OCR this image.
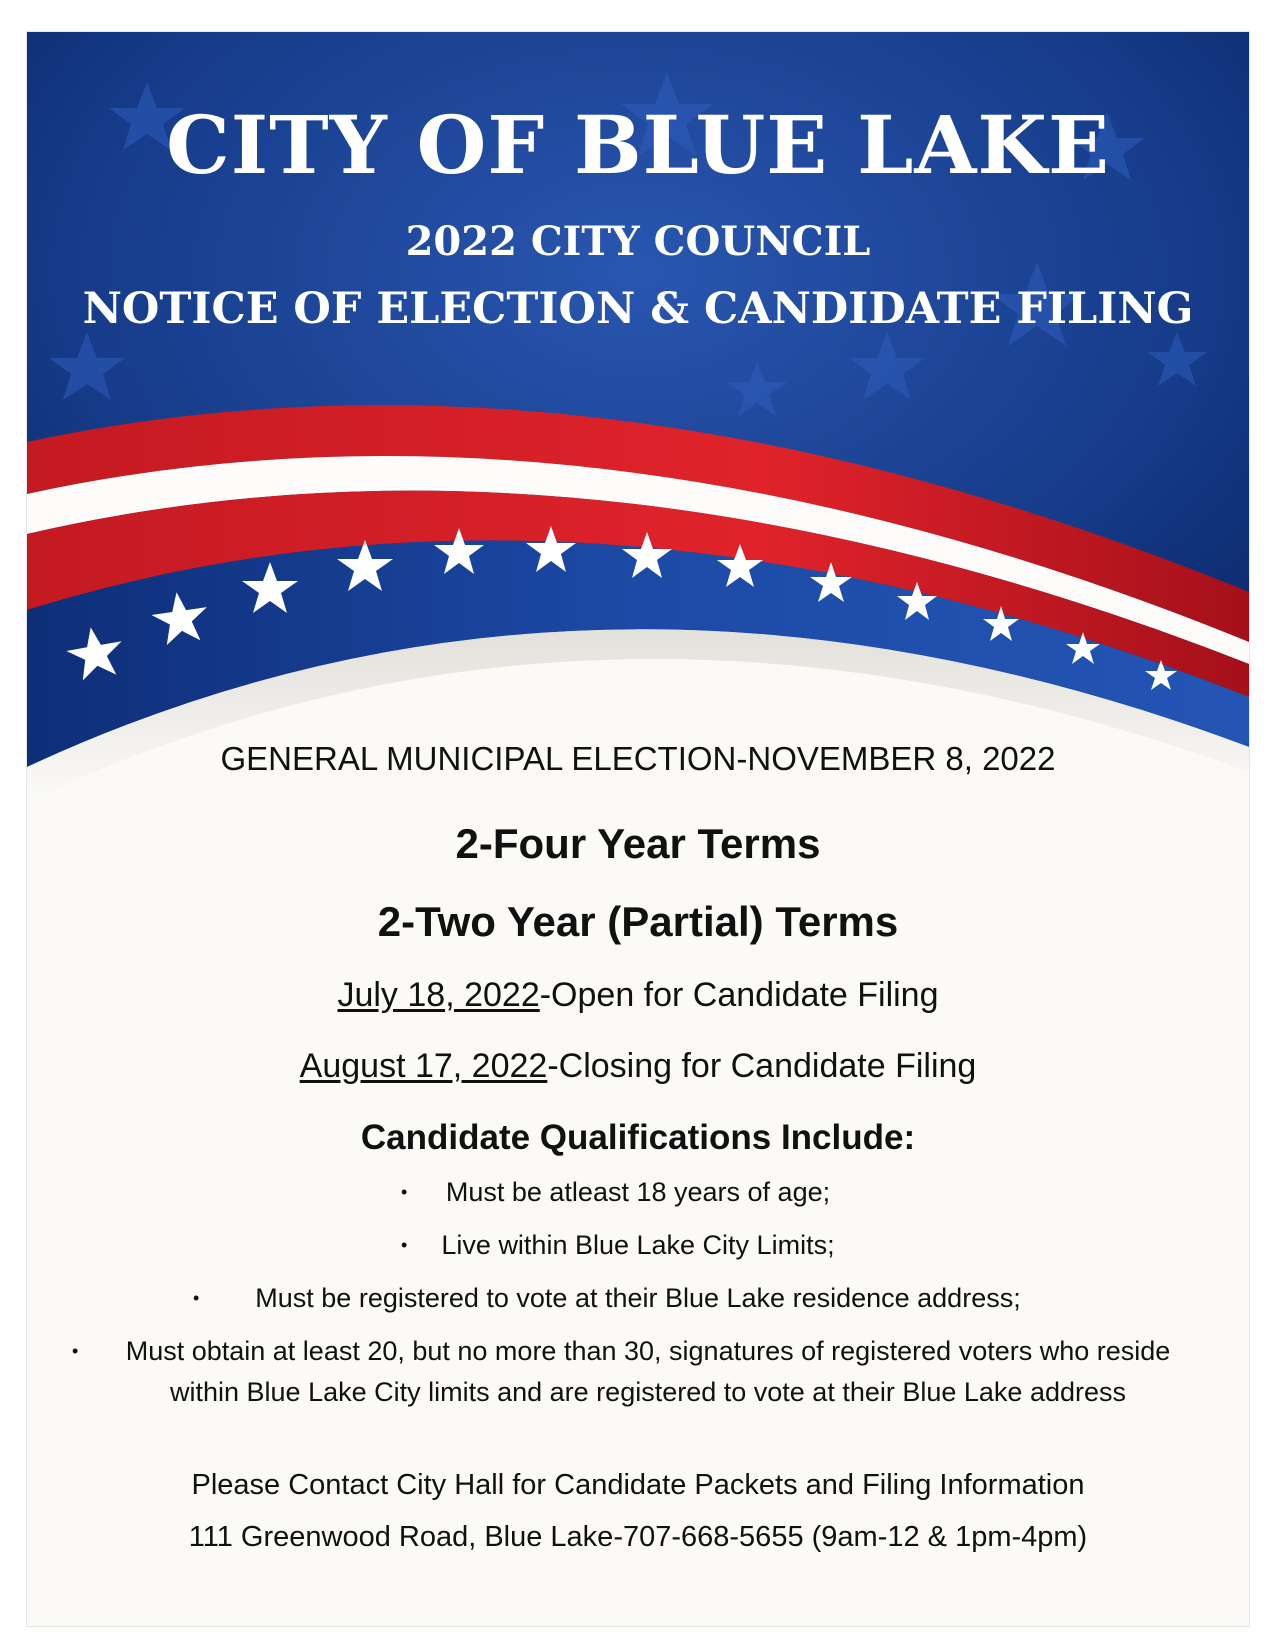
CITY OF BLUE LAKE
2022 CITY COUNCIL
NOTICE OF ELECTION & CANDIDATE FILING

GENERAL MUNICIPAL ELECTION-NOVEMBER 8, 2022

2-Four Year Terms

2-Two Year (Partial) Terms

July 18, 2022-Open for Candidate Filing

August 17, 2022-Closing for Candidate Filing

Candidate Qualifications Include:

• Must be atleast 18 years of age;
• Live within Blue Lake City Limits;
• Must be registered to vote at their Blue Lake residence address;
• Must obtain at least 20, but no more than 30, signatures of registered voters who reside within Blue Lake City limits and are registered to vote at their Blue Lake address

Please Contact City Hall for Candidate Packets and Filing Information

111 Greenwood Road, Blue Lake-707-668-5655 (9am-12 & 1pm-4pm)
